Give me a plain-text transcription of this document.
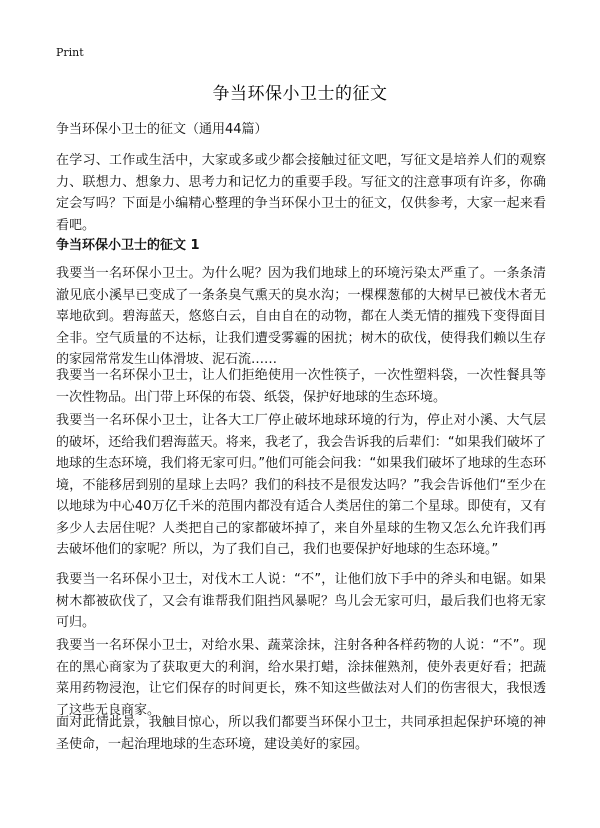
Print
争当环保小卫士的征文
争当环保小卫士的征文（通用44篇）

在学习、工作或生活中，大家或多或少都会接触过征文吧，写征文是培养人们的观察力、联想力、想象力、思考力和记忆力的重要手段。写征文的注意事项有许多，你确定会写吗？下面是小编精心整理的争当环保小卫士的征文，仅供参考，大家一起来看看吧。

争当环保小卫士的征文 1

我要当一名环保小卫士。为什么呢？因为我们地球上的环境污染太严重了。一条条清澈见底小溪早已变成了一条条臭气熏天的臭水沟；一棵棵葱郁的大树早已被伐木者无辜地砍到。碧海蓝天，悠悠白云，自由自在的动物，都在人类无情的摧残下变得面目全非。空气质量的不达标，让我们遭受雾霾的困扰；树木的砍伐，使得我们赖以生存的家园常常发生山体滑坡、泥石流……

我要当一名环保小卫士，让人们拒绝使用一次性筷子，一次性塑料袋，一次性餐具等一次性物品。出门带上环保的布袋、纸袋，保护好地球的生态环境。

我要当一名环保小卫士，让各大工厂停止破坏地球环境的行为，停止对小溪、大气层的破坏，还给我们碧海蓝天。将来，我老了，我会告诉我的后辈们：“如果我们破坏了地球的生态环境，我们将无家可归。”他们可能会问我：“如果我们破坏了地球的生态环境，不能移居到别的星球上去吗？我们的科技不是很发达吗？”我会告诉他们“至少在以地球为中心40万亿千米的范围内都没有适合人类居住的第二个星球。即使有，又有多少人去居住呢？人类把自己的家都破坏掉了，来自外星球的生物又怎么允许我们再去破坏他们的家呢？所以，为了我们自己，我们也要保护好地球的生态环境。”

我要当一名环保小卫士，对伐木工人说：“不”，让他们放下手中的斧头和电锯。如果树木都被砍伐了，又会有谁帮我们阻挡风暴呢？鸟儿会无家可归，最后我们也将无家可归。

我要当一名环保小卫士，对给水果、蔬菜涂抹，注射各种各样药物的人说：“不”。现在的黑心商家为了获取更大的利润，给水果打蜡，涂抹催熟剂，使外表更好看；把蔬菜用药物浸泡，让它们保存的时间更长，殊不知这些做法对人们的伤害很大，我恨透了这些无良商家。

面对此情此景，我触目惊心，所以我们都要当环保小卫士，共同承担起保护环境的神圣使命，一起治理地球的生态环境，建设美好的家园。
